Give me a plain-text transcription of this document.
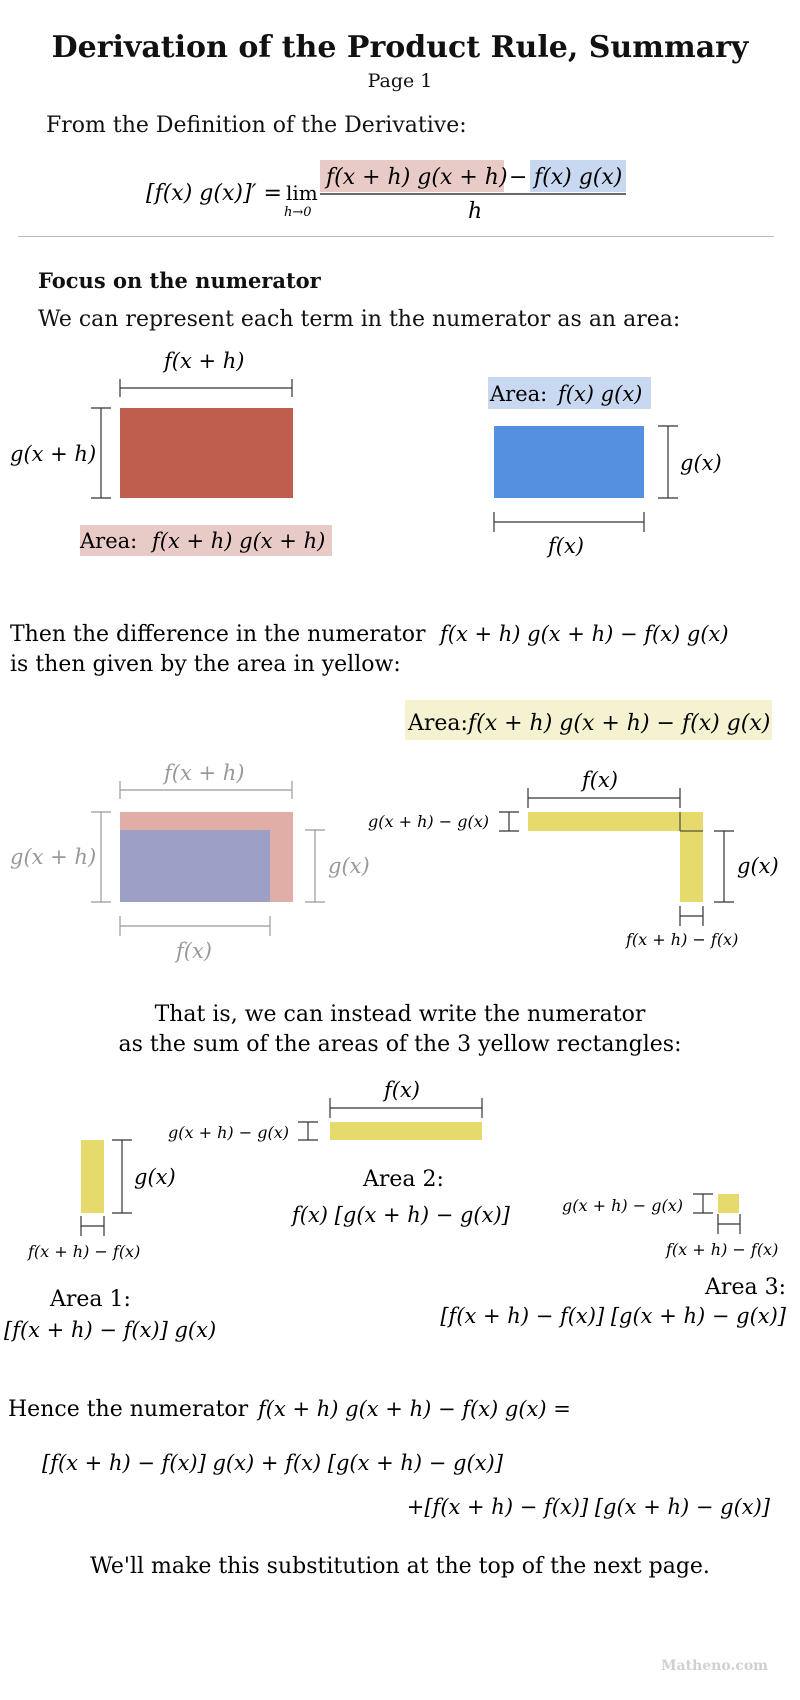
Derivation of the Product Rule, Summary
Page 1
From the Definition of the Derivative:
[f(x) g(x)]′ = lim
h→0
f(x + h) g(x + h) − f(x) g(x)
h
Focus on the numerator
We can represent each term in the numerator as an area:
f(x + h)
g(x + h)
Area: f(x + h) g(x + h)
Area: f(x) g(x)
g(x)
f(x)
Then the difference in the numerator f(x + h) g(x + h) − f(x) g(x)
is then given by the area in yellow:
Area: f(x + h) g(x + h) − f(x) g(x)
f(x + h)
g(x + h)	g(x)
f(x)
f(x)
g(x + h) − g(x)
g(x)
f(x + h) − f(x)
That is, we can instead write the numerator
as the sum of the areas of the 3 yellow rectangles:
g(x)
f(x + h) − f(x)
Area 1:
[f(x + h) − f(x)] g(x)
f(x)
g(x + h) − g(x)
Area 2:
f(x) [g(x + h) − g(x)]	g(x + h) − g(x)
f(x + h) − f(x)
Area 3:
[f(x + h) − f(x)] [g(x + h) − g(x)]
Hence the numerator f(x + h) g(x + h) − f(x) g(x) =
[f(x + h) − f(x)] g(x) + f(x) [g(x + h) − g(x)]
+[f(x + h) − f(x)] [g(x + h) − g(x)]
We'll make this substitution at the top of the next page.
Matheno.com
